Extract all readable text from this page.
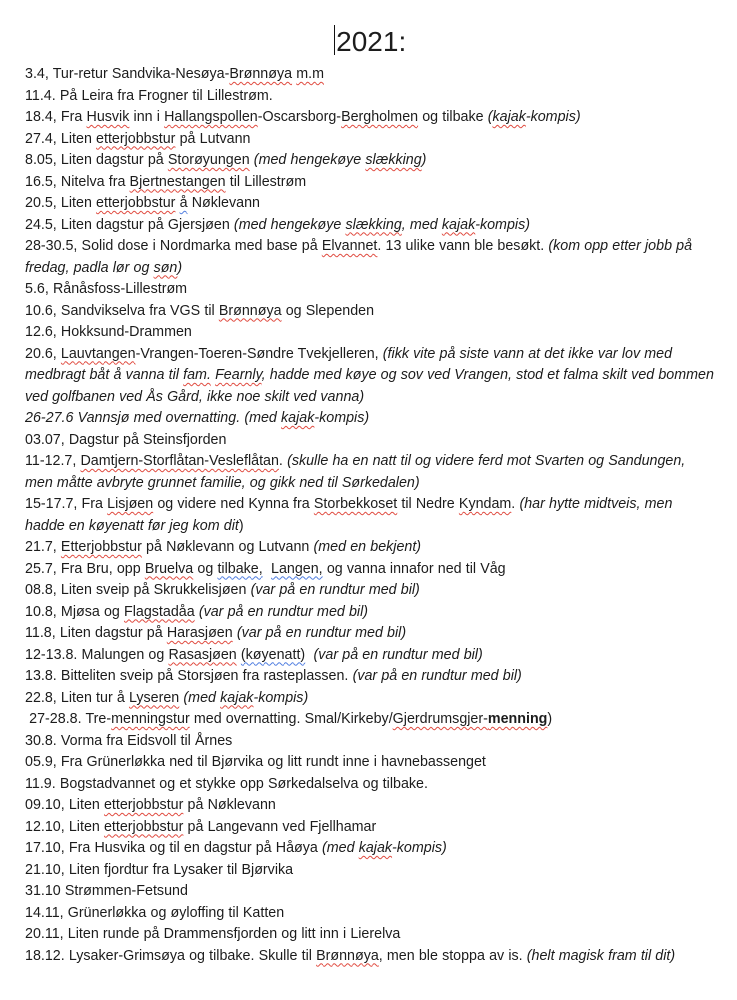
2021:

3.4, Tur-retur Sandvika-Nesøya-Brønnøya m.m

11.4. På Leira fra Frogner til Lillestrøm.

18.4, Fra Husvik inn i Hallangspollen-Oscarsborg-Bergholmen og tilbake (kajak-kompis)

27.4, Liten etterjobbstur på Lutvann

8.05, Liten dagstur på Storøyungen (med hengekøye slækking)

16.5, Nitelva fra Bjertnestangen til Lillestrøm

20.5, Liten etterjobbstur å Nøklevann

24.5, Liten dagstur på Gjersjøen (med hengekøye slækking, med kajak-kompis)

28-30.5, Solid dose i Nordmarka med base på Elvannet. 13 ulike vann ble besøkt. (kom opp etter jobb på fredag, padla lør og søn)

5.6, Rånåsfoss-Lillestrøm

10.6, Sandvikselva fra VGS til Brønnøya og Slependen

12.6, Hokksund-Drammen

20.6, Lauvtangen-Vrangen-Toeren-Søndre Tvekjelleren, (fikk vite på siste vann at det ikke var lov med medbragt båt å vanna til fam. Fearnly, hadde med køye og sov ved Vrangen, stod et falma skilt ved bommen ved golfbanen ved Ås Gård, ikke noe skilt ved vanna)

26-27.6 Vannsjø med overnatting. (med kajak-kompis)

03.07, Dagstur på Steinsfjorden

11-12.7, Damtjern-Storflåtan-Vesleflåtan. (skulle ha en natt til og videre ferd mot Svarten og Sandungen, men måtte avbryte grunnet familie, og gikk ned til Sørkedalen)

15-17.7, Fra Lisjøen og videre ned Kynna fra Storbekkoset til Nedre Kyndam. (har hytte midtveis, men hadde en køyenatt før jeg kom dit)

21.7, Etterjobbstur på Nøklevann og Lutvann (med en bekjent)

25.7, Fra Bru, opp Bruelva og tilbake, Langen, og vanna innafor ned til Våg

08.8, Liten sveip på Skrukkelisjøen (var på en rundtur med bil)

10.8, Mjøsa og Flagstadåa (var på en rundtur med bil)

11.8, Liten dagstur på Harasjøen (var på en rundtur med bil)

12-13.8. Malungen og Rasasjøen (køyenatt) (var på en rundtur med bil)

13.8. Bitteliten sveip på Storsjøen fra rasteplassen. (var på en rundtur med bil)

22.8, Liten tur å Lyseren (med kajak-kompis)

27-28.8. Tre-menningstur med overnatting. Smal/Kirkeby/Gjerdrumsgjer-menning)

30.8. Vorma fra Eidsvoll til Årnes

05.9, Fra Grünerløkka ned til Bjørvika og litt rundt inne i havnebassenget

11.9. Bogstadvannet og et stykke opp Sørkedalselva og tilbake.

09.10, Liten etterjobbstur på Nøklevann

12.10, Liten etterjobbstur på Langevann ved Fjellhamar

17.10, Fra Husvika og til en dagstur på Håøya (med kajak-kompis)

21.10, Liten fjordtur fra Lysaker til Bjørvika

31.10 Strømmen-Fetsund

14.11, Grünerløkka og øyloffing til Katten

20.11, Liten runde på Drammensfjorden og litt inn i Lierelva

18.12. Lysaker-Grimsøya og tilbake. Skulle til Brønnøya, men ble stoppa av is. (helt magisk fram til dit)
